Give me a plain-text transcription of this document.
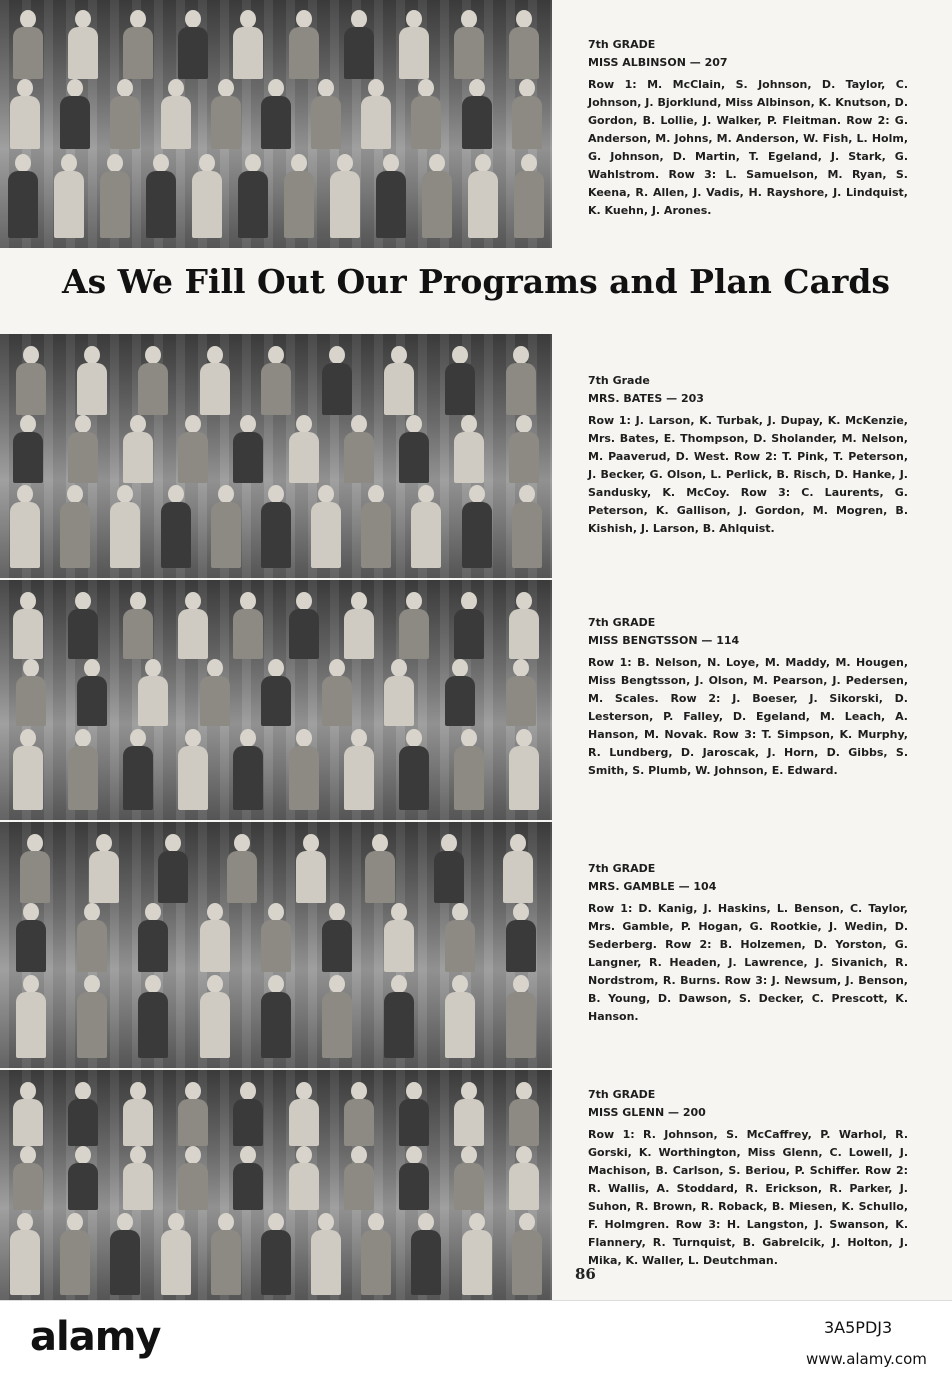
7th GRADE
MISS ALBINSON — 207
Row 1: M. McClain, S. Johnson, D. Taylor, C. Johnson, J. Bjorklund, Miss Albinson, K. Knutson, D. Gordon, B. Lollie, J. Walker, P. Fleitman. Row 2: G. Anderson, M. Johns, M. Anderson, W. Fish, L. Holm, G. Johnson, D. Martin, T. Egeland, J. Stark, G. Wahlstrom. Row 3: L. Samuelson, M. Ryan, S. Keena, R. Allen, J. Vadis, H. Rayshore, J. Lindquist, K. Kuehn, J. Arones.
As We Fill Out Our Programs and Plan Cards
7th Grade
MRS. BATES — 203
Row 1: J. Larson, K. Turbak, J. Dupay, K. McKenzie, Mrs. Bates, E. Thompson, D. Sholander, M. Nelson, M. Paaverud, D. West. Row 2: T. Pink, T. Peterson, J. Becker, G. Olson, L. Perlick, B. Risch, D. Hanke, J. Sandusky, K. McCoy. Row 3: C. Laurents, G. Peterson, K. Gallison, J. Gordon, M. Mogren, B. Kishish, J. Larson, B. Ahlquist.
7th GRADE
MISS BENGTSSON — 114
Row 1: B. Nelson, N. Loye, M. Maddy, M. Hougen, Miss Bengtsson, J. Olson, M. Pearson, J. Pedersen, M. Scales. Row 2: J. Boeser, J. Sikorski, D. Lesterson, P. Falley, D. Egeland, M. Leach, A. Hanson, M. Novak. Row 3: T. Simpson, K. Murphy, R. Lundberg, D. Jaroscak, J. Horn, D. Gibbs, S. Smith, S. Plumb, W. Johnson, E. Edward.
7th GRADE
MRS. GAMBLE — 104
Row 1: D. Kanig, J. Haskins, L. Benson, C. Taylor, Mrs. Gamble, P. Hogan, G. Rootkie, J. Wedin, D. Sederberg. Row 2: B. Holzemen, D. Yorston, G. Langner, R. Headen, J. Lawrence, J. Sivanich, R. Nordstrom, R. Burns. Row 3: J. Newsum, J. Benson, B. Young, D. Dawson, S. Decker, C. Prescott, K. Hanson.
7th GRADE
MISS GLENN — 200
Row 1: R. Johnson, S. McCaffrey, P. Warhol, R. Gorski, K. Worthington, Miss Glenn, C. Lowell, J. Machison, B. Carlson, S. Beriou, P. Schiffer. Row 2: R. Wallis, A. Stoddard, R. Erickson, R. Parker, J. Suhon, R. Brown, R. Roback, B. Miesen, K. Schullo, F. Holmgren. Row 3: H. Langston, J. Swanson, K. Flannery, R. Turnquist, B. Gabrelcik, J. Holton, J. Mika, K. Waller, L. Deutchman.
86
alamy	3A5PDJ3
www.alamy.com
